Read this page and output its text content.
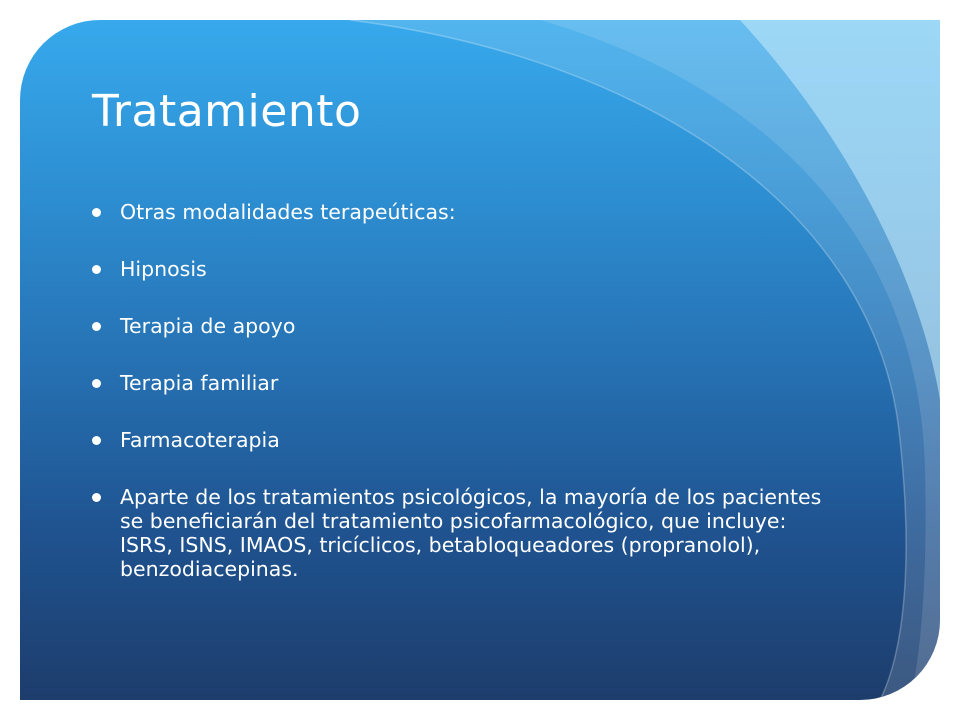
Tratamiento
Otras modalidades terapeúticas:
Hipnosis
Terapia de apoyo
Terapia familiar
Farmacoterapia
Aparte de los tratamientos psicológicos, la mayoría de los pacientes se beneficiarán del tratamiento psicofarmacológico, que incluye: ISRS, ISNS, IMAOS, tricíclicos, betabloqueadores (propranolol), benzodiacepinas.
